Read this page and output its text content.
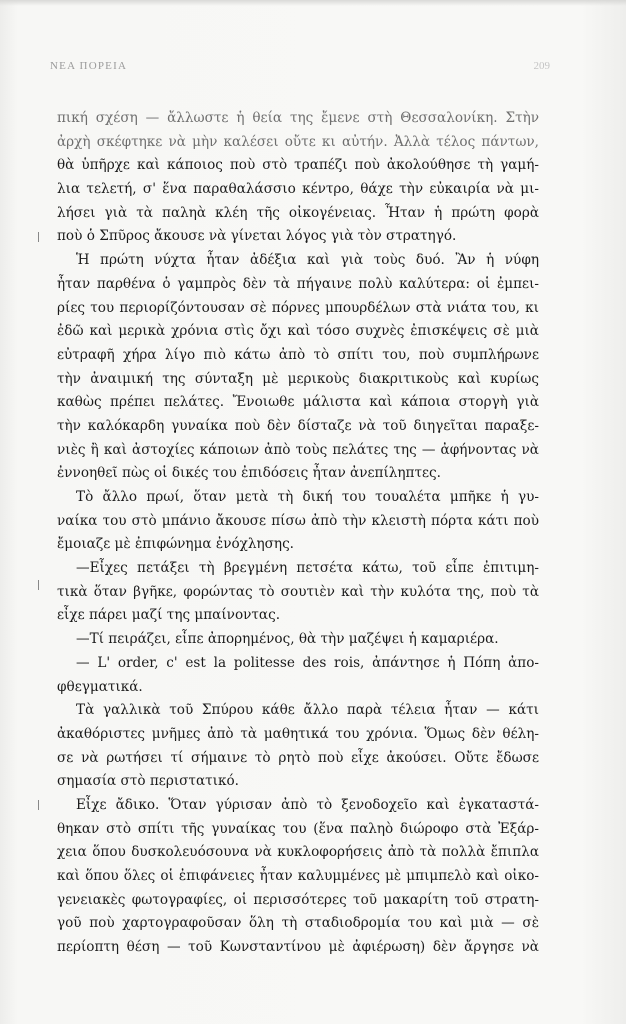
ΝΕΑ ΠΟΡΕΙΑ	209
πική σχέση — ἄλλωστε ἡ θεία της ἔμενε στὴ Θεσσαλονίκη. Στὴν
ἀρχὴ σκέφτηκε νὰ μὴν καλέσει οὔτε κι αὐτήν. Ἀλλὰ τέλος πάντων,
θὰ ὑπῆρχε καὶ κάποιος ποὺ στὸ τραπέζι ποὺ ἀκολούθησε τὴ γαμή-
λια τελετή, σ' ἕνα παραθαλάσσιο κέντρο, θάχε τὴν εὐκαιρία νὰ μι-
λήσει γιὰ τὰ παληὰ κλέη τῆς οἰκογένειας. Ἦταν ἡ πρώτη φορὰ
ποὺ ὁ Σπῦρος ἄκουσε νὰ γίνεται λόγος γιὰ τὸν στρατηγό.
Ἡ πρώτη νύχτα ἦταν ἀδέξια καὶ γιὰ τοὺς δυό. Ἂν ἡ νύφη
ἦταν παρθένα ὁ γαμπρὸς δὲν τὰ πήγαινε πολὺ καλύτερα: οἱ ἐμπει-
ρίες του περιορίζόντουσαν σὲ πόρνες μπουρδέλων στὰ νιάτα του, κι
ἐδῶ καὶ μερικὰ χρόνια στὶς ὄχι καὶ τόσο συχνὲς ἐπισκέψεις σὲ μιὰ
εὐτραφῆ χήρα λίγο πιὸ κάτω ἀπὸ τὸ σπίτι του, ποὺ συμπλήρωνε
τὴν ἀναιμική της σύνταξη μὲ μερικοὺς διακριτικοὺς καὶ κυρίως
καθὼς πρέπει πελάτες. Ἔνοιωθε μάλιστα καὶ κάποια στοργὴ γιὰ
τὴν καλόκαρδη γυναίκα ποὺ δὲν δίσταζε νὰ τοῦ διηγεῖται παραξε-
νιὲς ἢ καὶ ἀστοχίες κάποιων ἀπὸ τοὺς πελάτες της — ἀφήνοντας νὰ
ἐννοηθεῖ πὼς οἱ δικές του ἐπιδόσεις ἦταν ἀνεπίληπτες.
Τὸ ἄλλο πρωί, ὅταν μετὰ τὴ δική του τουαλέτα μπῆκε ἡ γυ-
ναίκα του στὸ μπάνιο ἄκουσε πίσω ἀπὸ τὴν κλειστὴ πόρτα κάτι ποὺ
ἔμοιαζε μὲ ἐπιφώνημα ἐνόχλησης.
—Εἶχες πετάξει τὴ βρεγμένη πετσέτα κάτω, τοῦ εἶπε ἐπιτιμη-
τικὰ ὅταν βγῆκε, φορώντας τὸ σουτιὲν καὶ τὴν κυλότα της, ποὺ τὰ
εἶχε πάρει μαζί της μπαίνοντας.
—Τί πειράζει, εἶπε ἀπορημένος, θὰ τὴν μαζέψει ἡ καμαριέρα.
— L' order, c' est la politesse des rois, ἀπάντησε ἡ Πόπη ἀπο-
φθεγματικά.
Τὰ γαλλικὰ τοῦ Σπύρου κάθε ἄλλο παρὰ τέλεια ἦταν — κάτι
ἀκαθόριστες μνῆμες ἀπὸ τὰ μαθητικά του χρόνια. Ὅμως δὲν θέλη-
σε νὰ ρωτήσει τί σήμαινε τὸ ρητὸ ποὺ εἶχε ἀκούσει. Οὔτε ἔδωσε
σημασία στὸ περιστατικό.
Εἶχε ἄδικο. Ὅταν γύρισαν ἀπὸ τὸ ξενοδοχεῖο καὶ ἐγκαταστά-
θηκαν στὸ σπίτι τῆς γυναίκας του (ἕνα παληὸ διώροφο στὰ Ἐξάρ-
χεια ὅπου δυσκολευόσουνα νὰ κυκλοφορήσεις ἀπὸ τὰ πολλὰ ἔπιπλα
καὶ ὅπου ὅλες οἱ ἐπιφάνειες ἦταν καλυμμένες μὲ μπιμπελὸ καὶ οἰκο-
γενειακὲς φωτογραφίες, οἱ περισσότερες τοῦ μακαρίτη τοῦ στρατη-
γοῦ ποὺ χαρτογραφοῦσαν ὅλη τὴ σταδιοδρομία του καὶ μιὰ — σὲ
περίοπτη θέση — τοῦ Κωνσταντίνου μὲ ἀφιέρωση) δὲν ἄργησε νὰ
